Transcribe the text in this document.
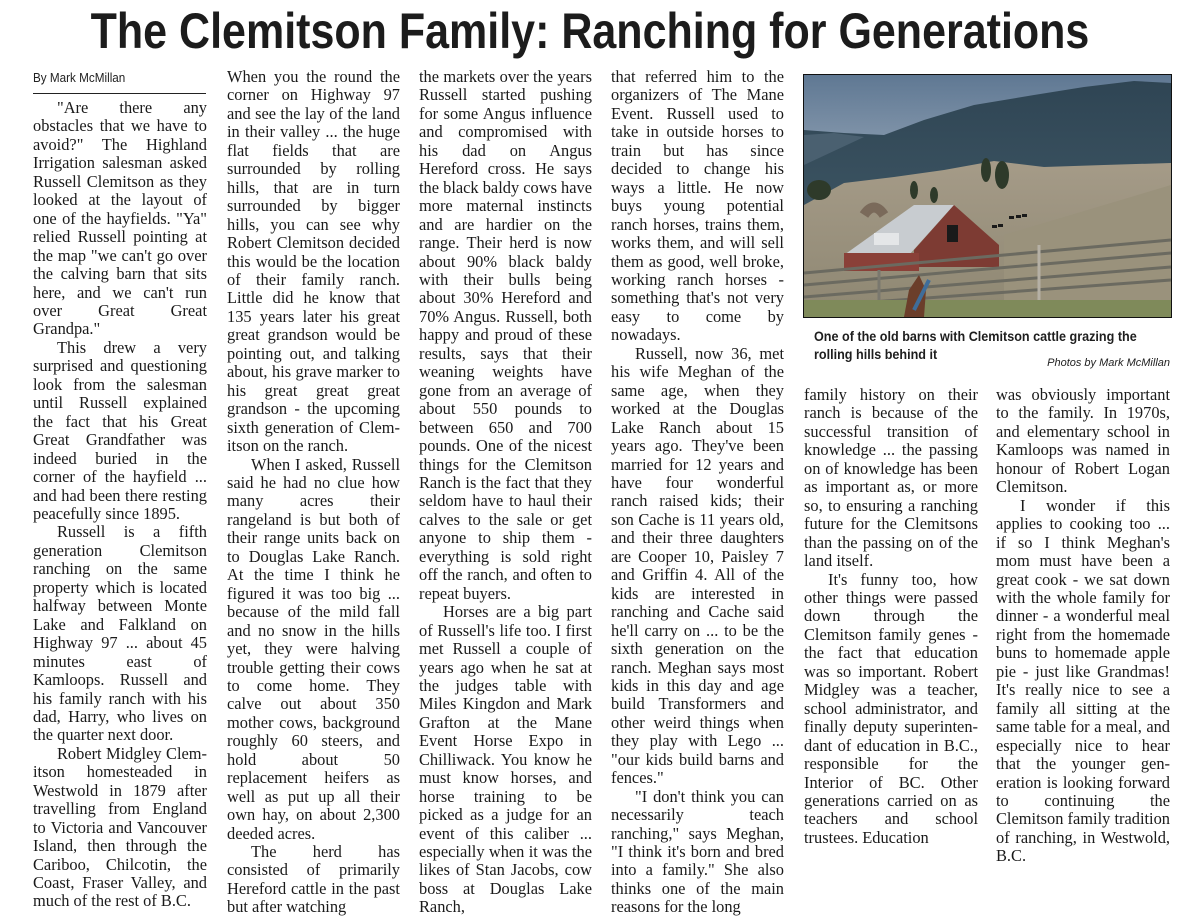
The Clemitson Family: Ranching for Generations
By Mark McMillan

"Are there any obstacles that we have to avoid?" The Highland Irrigation salesman asked Russell Clemitson as they looked at the layout of one of the hayfields. "Ya" relied Russell pointing at the map "we can't go over the calving barn that sits here, and we can't run over Great Great Grandpa."

This drew a very surprised and questioning look from the salesman until Russell explained the fact that his Great Great Grandfather was indeed buried in the corner of the hayfield ... and had been there resting peacefully since 1895.

Russell is a fifth generation Clemitson ranching on the same property which is located halfway between Monte Lake and Falkland on Highway 97 ... about 45 minutes east of Kamloops. Russell and his family ranch with his dad, Harry, who lives on the quarter next door.

Robert Midgley Clemitson homesteaded in Westwold in 1879 after travelling from England to Victoria and Vancouver Island, then through the Cariboo, Chilcotin, the Coast, Fraser Valley, and much of the rest of B.C.

When you the round the corner on Highway 97 and see the lay of the land in their valley ... the huge flat fields that are surrounded by rolling hills, that are in turn surrounded by bigger hills, you can see why Robert Clemitson decided this would be the location of their family ranch. Little did he know that 135 years later his great great grandson would be pointing out, and talking about, his grave marker to his great great great grandson - the upcoming sixth generation of Clemitson on the ranch.

When I asked, Russell said he had no clue how many acres their rangeland is but both of their range units back on to Douglas Lake Ranch. At the time I think he figured it was too big ... because of the mild fall and no snow in the hills yet, they were halving trouble getting their cows to come home. They calve out about 350 mother cows, background roughly 60 steers, and hold about 50 replacement heifers as well as put up all their own hay, on about 2,300 deeded acres.

The herd has consisted of primarily Hereford cattle in the past but after watching

the markets over the years Russell started pushing for some Angus influence and compromised with his dad on Angus Hereford cross. He says the black baldy cows have more maternal instincts and are hardier on the range. Their herd is now about 90% black baldy with their bulls being about 30% Hereford and 70% Angus. Russell, both happy and proud of these results, says that their weaning weights have gone from an average of about 550 pounds to between 650 and 700 pounds. One of the nicest things for the Clemitson Ranch is the fact that they seldom have to haul their calves to the sale or get anyone to ship them - everything is sold right off the ranch, and often to repeat buyers.

Horses are a big part of Russell's life too. I first met Russell a couple of years ago when he sat at the judges table with Miles Kingdon and Mark Grafton at the Mane Event Horse Expo in Chilliwack. You know he must know horses, and horse training to be picked as a judge for an event of this caliber ... especially when it was the likes of Stan Jacobs, cow boss at Douglas Lake Ranch,

that referred him to the organizers of The Mane Event. Russell used to take in outside horses to train but has since decided to change his ways a little. He now buys young potential ranch horses, trains them, works them, and will sell them as good, well broke, working ranch horses - something that's not very easy to come by nowadays.

Russell, now 36, met his wife Meghan of the same age, when they worked at the Douglas Lake Ranch about 15 years ago. They've been married for 12 years and have four wonderful ranch raised kids; their son Cache is 11 years old, and their three daughters are Cooper 10, Paisley 7 and Griffin 4. All of the kids are interested in ranching and Cache said he'll carry on ... to be the sixth generation on the ranch. Meghan says most kids in this day and age build Transformers and other weird things when they play with Lego ... "our kids build barns and fences."

"I don't think you can necessarily teach ranching," says Meghan, "I think it's born and bred into a family." She also thinks one of the main reasons for the long

One of the old barns with Clemitson cattle grazing the rolling hills behind it
Photos by Mark McMillan

family history on their ranch is because of the successful transition of knowledge ... the passing on of knowledge has been as important as, or more so, to ensuring a ranching future for the Clemitsons than the passing on of the land itself.

It's funny too, how other things were passed down through the Clemitson family genes - the fact that education was so important. Robert Midgley was a teacher, school administrator, and finally deputy superintendant of education in B.C., responsible for the Interior of BC. Other generations carried on as teachers and school trustees. Education

was obviously important to the family. In 1970s, and elementary school in Kamloops was named in honour of Robert Logan Clemitson.

I wonder if this applies to cooking too ... if so I think Meghan's mom must have been a great cook - we sat down with the whole family for dinner - a wonderful meal right from the homemade buns to homemade apple pie - just like Grandmas! It's really nice to see a family all sitting at the same table for a meal, and especially nice to hear that the younger generation is looking forward to continuing the Clemitson family tradition of ranching, in Westwold, B.C.
